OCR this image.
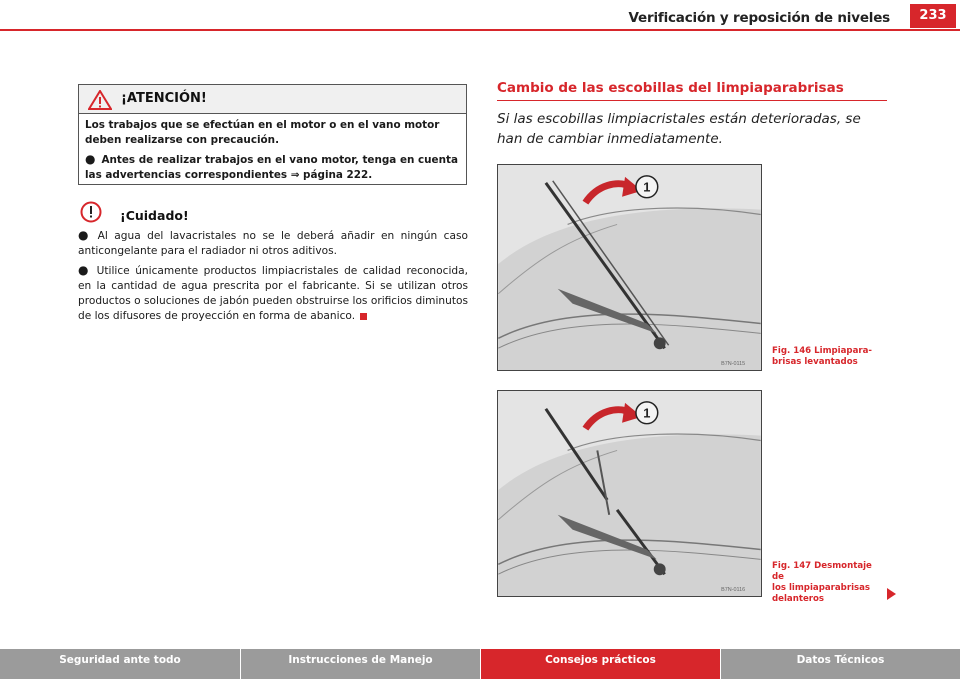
Verificación y reposición de niveles	233
¡ATENCIÓN!

Los trabajos que se efectúan en el motor o en el vano motor deben realizarse con precaución.

● Antes de realizar trabajos en el vano motor, tenga en cuenta las advertencias correspondientes ⇒ página 222.

¡Cuidado!

● Al agua del lavacristales no se le deberá añadir en ningún caso anticongelante para el radiador ni otros aditivos.

● Utilice únicamente productos limpiacristales de calidad reconocida, en la cantidad de agua prescrita por el fabricante. Si se utilizan otros productos o soluciones de jabón pueden obstruirse los orificios diminutos de los difusores de proyección en forma de abanico.

Cambio de las escobillas del limpiaparabrisas
Si las escobillas limpiacristales están deterioradas, se han de cambiar inmediatamente.
1
B7N-0115
Fig. 146 Limpiapara-
brisas levantados
1
B7N-0116
Fig. 147 Desmontaje de
los limpiaparabrisas
delanteros
Seguridad ante todo	Instrucciones de Manejo	Consejos prácticos	Datos Técnicos
